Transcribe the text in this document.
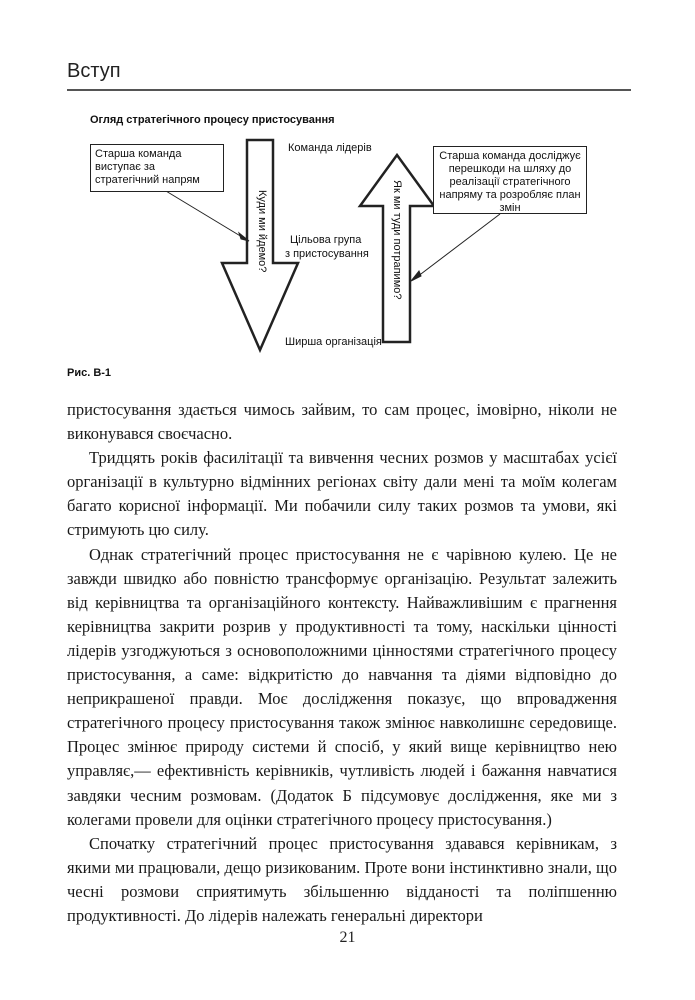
Вступ
Огляд стратегічного процесу пристосування
Старша команда виступає за стратегічний напрям
Старша команда досліджує перешкоди на шляху до реалізації стратегічного напряму та розробляє план змін
Команда лідерів
Цільова група
з пристосування
Ширша організація
Куди ми йдемо?	Як ми туди потрапимо?
Рис. В-1

пристосування здається чимось зайвим, то сам процес, імовірно, ніколи не виконувався своєчасно.

Тридцять років фасилітації та вивчення чесних розмов у масштабах усієї організації в культурно відмінних регіонах світу дали мені та моїм колегам багато корисної інформації. Ми побачили силу таких розмов та умови, які стримують цю силу.

Однак стратегічний процес пристосування не є чарівною кулею. Це не завжди швидко або повністю трансформує організацію. Результат залежить від керівництва та організаційного контексту. Найважливішим є прагнення керівництва закрити розрив у продуктивності та тому, наскільки цінності лідерів узгоджуються з основоположними цінностями стратегічного процесу пристосування, а саме: відкритістю до навчання та діями відповідно до неприкрашеної правди. Моє дослідження показує, що впровадження стратегічного процесу пристосування також змінює навколишнє середовище. Процес змінює природу системи й спосіб, у який вище керівництво нею управляє,— ефективність керівників, чутливість людей і бажання навчатися завдяки чесним розмовам. (Додаток Б підсумовує дослідження, яке ми з колегами провели для оцінки стратегічного процесу пристосування.)

Спочатку стратегічний процес пристосування здавався керівникам, з якими ми працювали, дещо ризикованим. Проте вони інстинктивно знали, що чесні розмови сприятимуть збільшенню відданості та поліпшенню продуктивності. До лідерів належать генеральні директори

21
